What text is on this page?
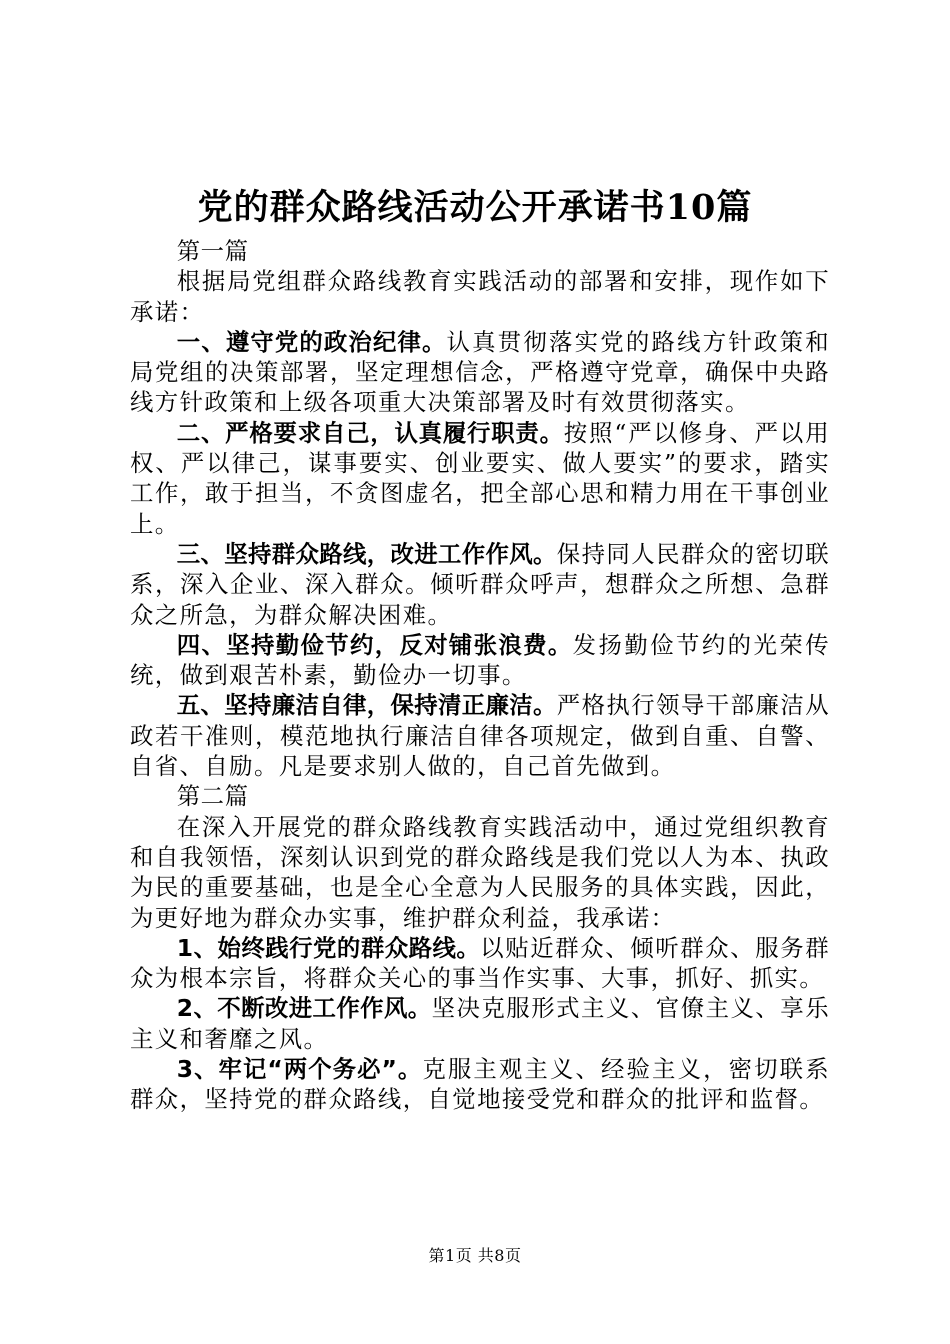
党的群众路线活动公开承诺书10篇

第一篇

根据局党组群众路线教育实践活动的部署和安排，现作如下承诺：

一、遵守党的政治纪律。认真贯彻落实党的路线方针政策和局党组的决策部署，坚定理想信念，严格遵守党章，确保中央路线方针政策和上级各项重大决策部署及时有效贯彻落实。

二、严格要求自己，认真履行职责。按照“严以修身、严以用权、严以律己，谋事要实、创业要实、做人要实”的要求，踏实工作，敢于担当，不贪图虚名，把全部心思和精力用在干事创业上。

三、坚持群众路线，改进工作作风。保持同人民群众的密切联系，深入企业、深入群众。倾听群众呼声，想群众之所想、急群众之所急，为群众解决困难。

四、坚持勤俭节约，反对铺张浪费。发扬勤俭节约的光荣传统，做到艰苦朴素，勤俭办一切事。

五、坚持廉洁自律，保持清正廉洁。严格执行领导干部廉洁从政若干准则，模范地执行廉洁自律各项规定，做到自重、自警、自省、自励。凡是要求别人做的，自己首先做到。

第二篇

在深入开展党的群众路线教育实践活动中，通过党组织教育和自我领悟，深刻认识到党的群众路线是我们党以人为本、执政为民的重要基础，也是全心全意为人民服务的具体实践，因此，为更好地为群众办实事，维护群众利益，我承诺：

1、始终践行党的群众路线。以贴近群众、倾听群众、服务群众为根本宗旨，将群众关心的事当作实事、大事，抓好、抓实。

2、不断改进工作作风。坚决克服形式主义、官僚主义、享乐主义和奢靡之风。

3、牢记“两个务必”。克服主观主义、经验主义，密切联系群众，坚持党的群众路线，自觉地接受党和群众的批评和监督。

第1页 共8页
